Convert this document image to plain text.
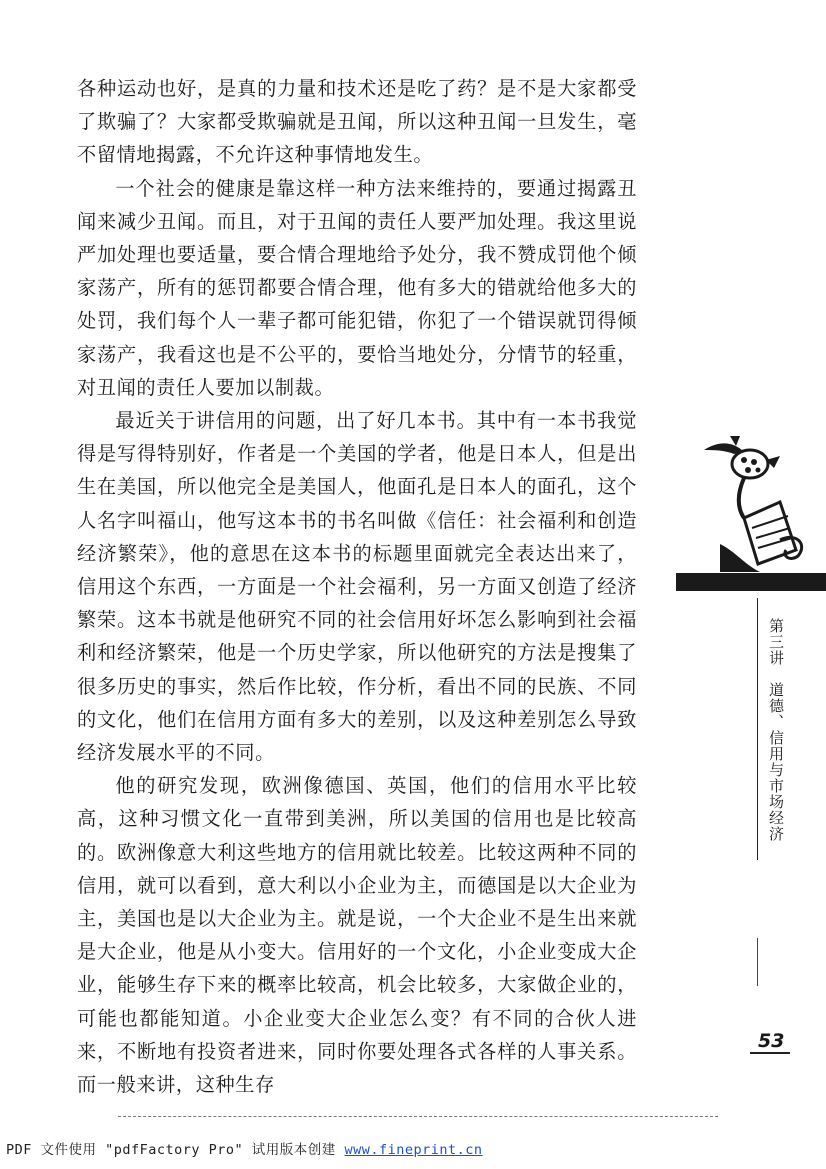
各种运动也好，是真的力量和技术还是吃了药？是不是大家都受了欺骗了？大家都受欺骗就是丑闻，所以这种丑闻一旦发生，毫不留情地揭露，不允许这种事情地发生。

一个社会的健康是靠这样一种方法来维持的，要通过揭露丑闻来减少丑闻。而且，对于丑闻的责任人要严加处理。我这里说严加处理也要适量，要合情合理地给予处分，我不赞成罚他个倾家荡产，所有的惩罚都要合情合理，他有多大的错就给他多大的处罚，我们每个人一辈子都可能犯错，你犯了一个错误就罚得倾家荡产，我看这也是不公平的，要恰当地处分，分情节的轻重，对丑闻的责任人要加以制裁。

最近关于讲信用的问题，出了好几本书。其中有一本书我觉得是写得特别好，作者是一个美国的学者，他是日本人，但是出生在美国，所以他完全是美国人，他面孔是日本人的面孔，这个人名字叫福山，他写这本书的书名叫做《信任：社会福利和创造经济繁荣》，他的意思在这本书的标题里面就完全表达出来了，信用这个东西，一方面是一个社会福利，另一方面又创造了经济繁荣。这本书就是他研究不同的社会信用好坏怎么影响到社会福利和经济繁荣，他是一个历史学家，所以他研究的方法是搜集了很多历史的事实，然后作比较，作分析，看出不同的民族、不同的文化，他们在信用方面有多大的差别，以及这种差别怎么导致经济发展水平的不同。

他的研究发现，欧洲像德国、英国，他们的信用水平比较高，这种习惯文化一直带到美洲，所以美国的信用也是比较高的。欧洲像意大利这些地方的信用就比较差。比较这两种不同的信用，就可以看到，意大利以小企业为主，而德国是以大企业为主，美国也是以大企业为主。就是说，一个大企业不是生出来就是大企业，他是从小变大。信用好的一个文化，小企业变成大企业，能够生存下来的概率比较高，机会比较多，大家做企业的，可能也都能知道。小企业变大企业怎么变？有不同的合伙人进来，不断地有投资者进来，同时你要处理各式各样的人事关系。而一般来讲，这种生存

第三讲　道德、信用与市场经济
53
PDF 文件使用 "pdfFactory Pro" 试用版本创建 www.fineprint.cn
